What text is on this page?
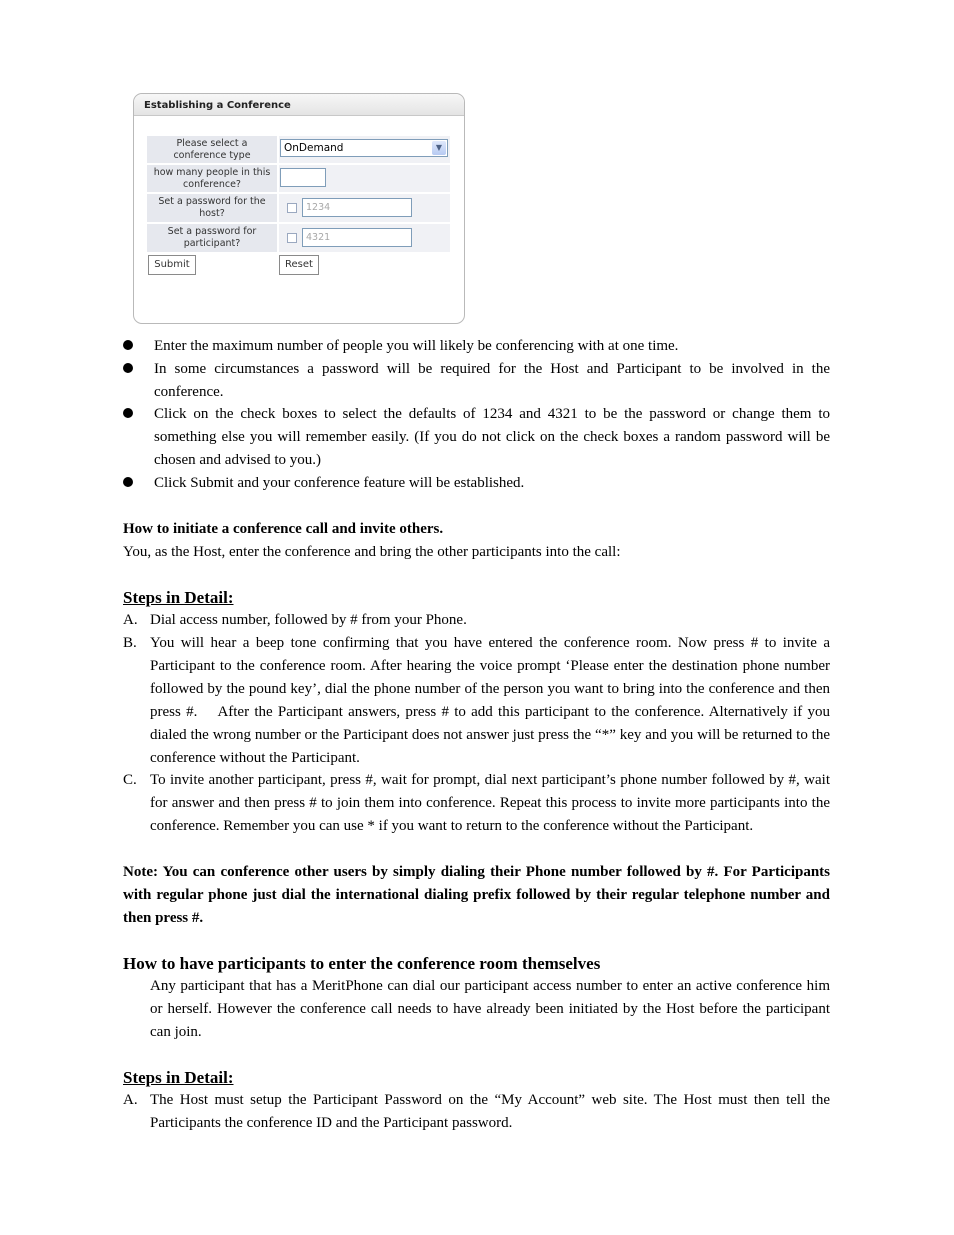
Establishing a Conference
Please select a conference type
OnDemand	▼
how many people in this conference?
Set a password for the host?
1234
Set a password for participant?
4321
Submit	Reset
Enter the maximum number of people you will likely be conferencing with at one time.
In some circumstances a password will be required for the Host and Participant to be involved in the conference.
Click on the check boxes to select the defaults of 1234 and 4321 to be the password or change them to something else you will remember easily. (If you do not click on the check boxes a random password will be chosen and advised to you.)
Click Submit and your conference feature will be established.
How to initiate a conference call and invite others.
You, as the Host, enter the conference and bring the other participants into the call:
Steps in Detail:
A. Dial access number, followed by # from your Phone.
B. You will hear a beep tone confirming that you have entered the conference room. Now press # to invite a Participant to the conference room. After hearing the voice prompt ‘Please enter the destination phone number followed by the pound key’, dial the phone number of the person you want to bring into the conference and then press #.    After the Participant answers, press # to add this participant to the conference. Alternatively if you dialed the wrong number or the Participant does not answer just press the “*” key and you will be returned to the conference without the Participant.
C. To invite another participant, press #, wait for prompt, dial next participant’s phone number followed by #, wait for answer and then press # to join them into conference. Repeat this process to invite more participants into the conference. Remember you can use * if you want to return to the conference without the Participant.
Note: You can conference other users by simply dialing their Phone number followed by #. For Participants with regular phone just dial the international dialing prefix followed by their regular telephone number and then press #.
How to have participants to enter the conference room themselves
Any participant that has a MeritPhone can dial our participant access number to enter an active conference him or herself. However the conference call needs to have already been initiated by the Host before the participant can join.
Steps in Detail:
A. The Host must setup the Participant Password on the “My Account” web site. The Host must then tell the Participants the conference ID and the Participant password.
